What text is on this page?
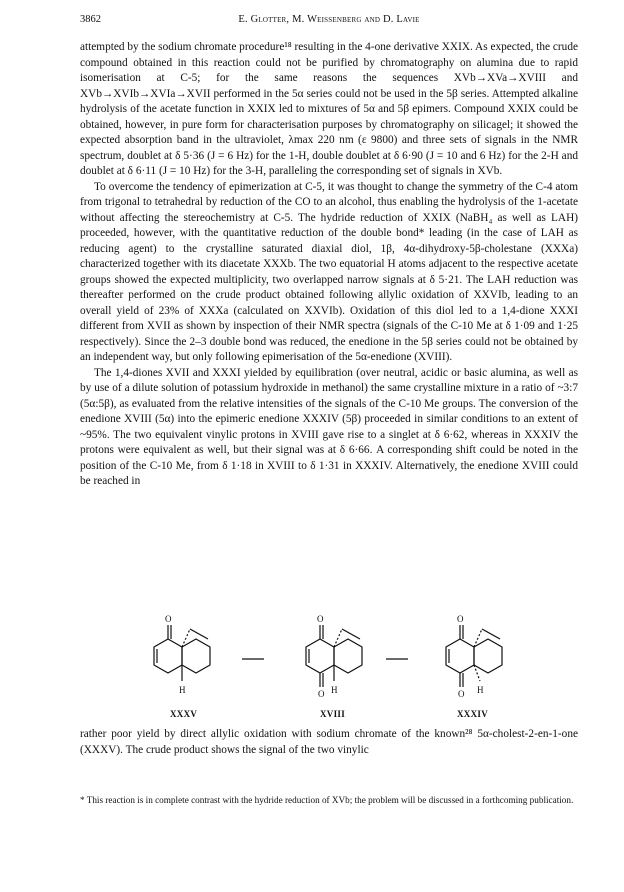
3862	E. Glotter, M. Weissenberg and D. Lavie

attempted by the sodium chromate procedure¹⁸ resulting in the 4-one derivative XXIX. As expected, the crude compound obtained in this reaction could not be purified by chromatography on alumina due to rapid isomerisation at C-5; for the same reasons the sequences XVb→XVa→XVIII and XVb→XVIb→XVIa→XVII performed in the 5α series could not be used in the 5β series. Attempted alkaline hydrolysis of the acetate function in XXIX led to mixtures of 5α and 5β epimers. Compound XXIX could be obtained, however, in pure form for characterisation purposes by chromatography on silicagel; it showed the expected absorption band in the ultraviolet, λmax 220 nm (ε 9800) and three sets of signals in the NMR spectrum, doublet at δ 5·36 (J = 6 Hz) for the 1-H, double doublet at δ 6·90 (J = 10 and 6 Hz) for the 2-H and doublet at δ 6·11 (J = 10 Hz) for the 3-H, paralleling the corresponding set of signals in XVb.

To overcome the tendency of epimerization at C-5, it was thought to change the symmetry of the C-4 atom from trigonal to tetrahedral by reduction of the CO to an alcohol, thus enabling the hydrolysis of the 1-acetate without affecting the stereochemistry at C-5. The hydride reduction of XXIX (NaBH₄ as well as LAH) proceeded, however, with the quantitative reduction of the double bond* leading (in the case of LAH as reducing agent) to the crystalline saturated diaxial diol, 1β, 4α-dihydroxy-5β-cholestane (XXXa) characterized together with its diacetate XXXb. The two equatorial H atoms adjacent to the respective acetate groups showed the expected multiplicity, two overlapped narrow signals at δ 5·21. The LAH reduction was thereafter performed on the crude product obtained following allylic oxidation of XXVIb, leading to an overall yield of 23% of XXXa (calculated on XXVIb). Oxidation of this diol led to a 1,4-dione XXXI different from XVII as shown by inspection of their NMR spectra (signals of the C-10 Me at δ 1·09 and 1·25 respectively). Since the 2–3 double bond was reduced, the enedione in the 5β series could not be obtained by an independent way, but only following epimerisation of the 5α-enedione (XVIII).

The 1,4-diones XVII and XXXI yielded by equilibration (over neutral, acidic or basic alumina, as well as by use of a dilute solution of potassium hydroxide in methanol) the same crystalline mixture in a ratio of ~3:7 (5α:5β), as evaluated from the relative intensities of the signals of the C-10 Me groups. The conversion of the enedione XVIII (5α) into the epimeric enedione XXXIV (5β) proceeded in similar conditions to an extent of ~95%. The two equivalent vinylic protons in XVIII gave rise to a singlet at δ 6·62, whereas in XXXIV the protons were equivalent as well, but their signal was at δ 6·66. A corresponding shift could be noted in the position of the C-10 Me, from δ 1·18 in XVIII to δ 1·31 in XXXIV. Alternatively, the enedione XVIII could be reached in

O
H
O
O H
O
O H
XXXV	XVIII	XXXIV

rather poor yield by direct allylic oxidation with sodium chromate of the known²⁸ 5α-cholest-2-en-1-one (XXXV). The crude product shows the signal of the two vinylic

* This reaction is in complete contrast with the hydride reduction of XVb; the problem will be discussed in a forthcoming publication.
